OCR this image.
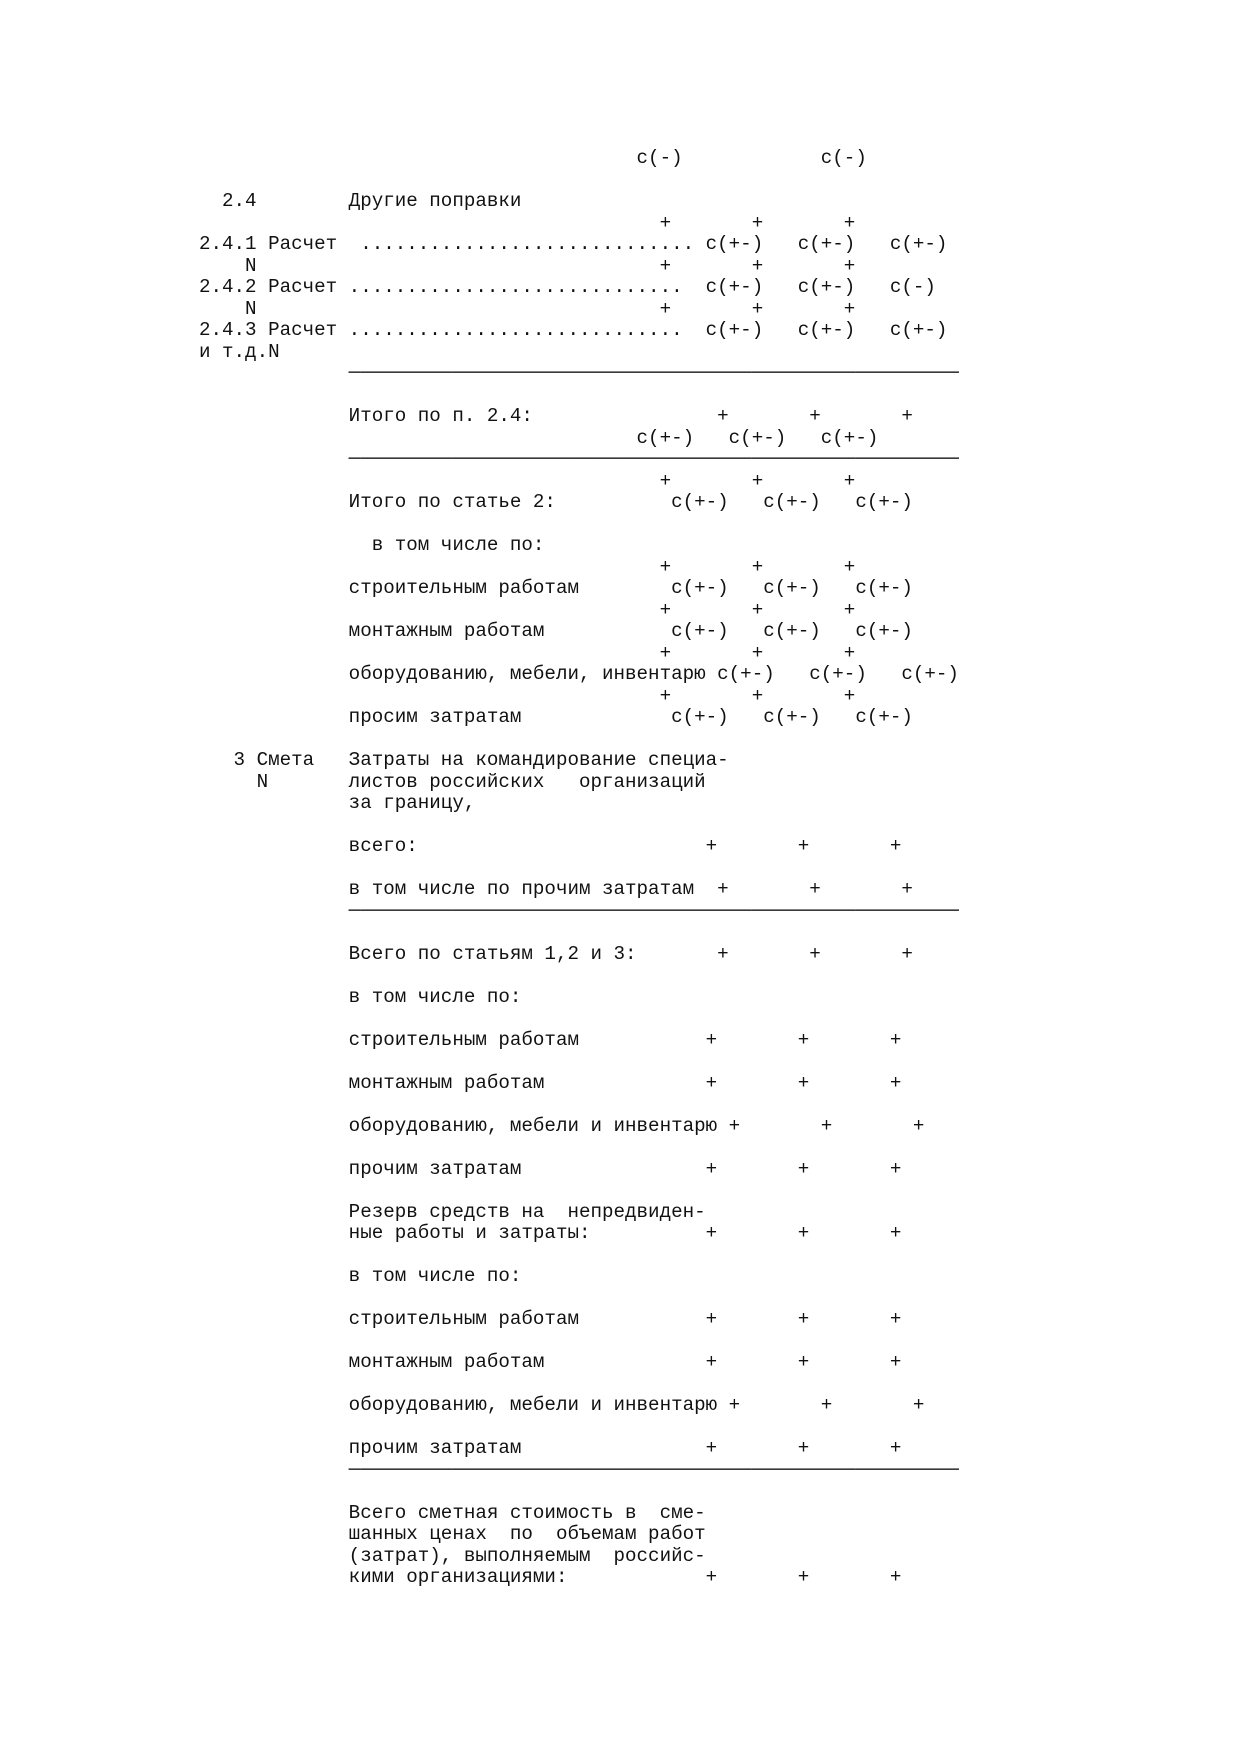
с(-)            с(-)

2.4        Другие поправки
+       +       +
2.4.1 Расчет  ............................. с(+-)   с(+-)   с(+-)
N                                   +       +       +
2.4.2 Расчет .............................  с(+-)   с(+-)   с(-)
N                                   +       +       +
2.4.3 Расчет .............................  с(+-)   с(+-)   с(+-)
и т.д.N
─────────────────────────────────────────────────────

Итого по п. 2.4:                +       +       +
с(+-)   с(+-)   с(+-)
─────────────────────────────────────────────────────
+       +       +
Итого по статье 2:          с(+-)   с(+-)   с(+-)

в том числе по:
+       +       +
строительным работам        с(+-)   с(+-)   с(+-)
+       +       +
монтажным работам           с(+-)   с(+-)   с(+-)
+       +       +
оборудованию, мебели, инвентарю с(+-)   с(+-)   с(+-)
+       +       +
просим затратам             с(+-)   с(+-)   с(+-)

3 Смета   Затраты на командирование специа-
N       листов российских   организаций
за границу,

всего:                         +       +       +

в том числе по прочим затратам  +       +       +
─────────────────────────────────────────────────────

Всего по статьям 1,2 и 3:       +       +       +

в том числе по:

строительным работам           +       +       +

монтажным работам              +       +       +

оборудованию, мебели и инвентарю +       +       +

прочим затратам                +       +       +

Резерв средств на  непредвиден-
ные работы и затраты:          +       +       +

в том числе по:

строительным работам           +       +       +

монтажным работам              +       +       +

оборудованию, мебели и инвентарю +       +       +

прочим затратам                +       +       +
─────────────────────────────────────────────────────

Всего сметная стоимость в  сме-
шанных ценах  по  объемам работ
(затрат), выполняемым  российс-
кими организациями:            +       +       +
